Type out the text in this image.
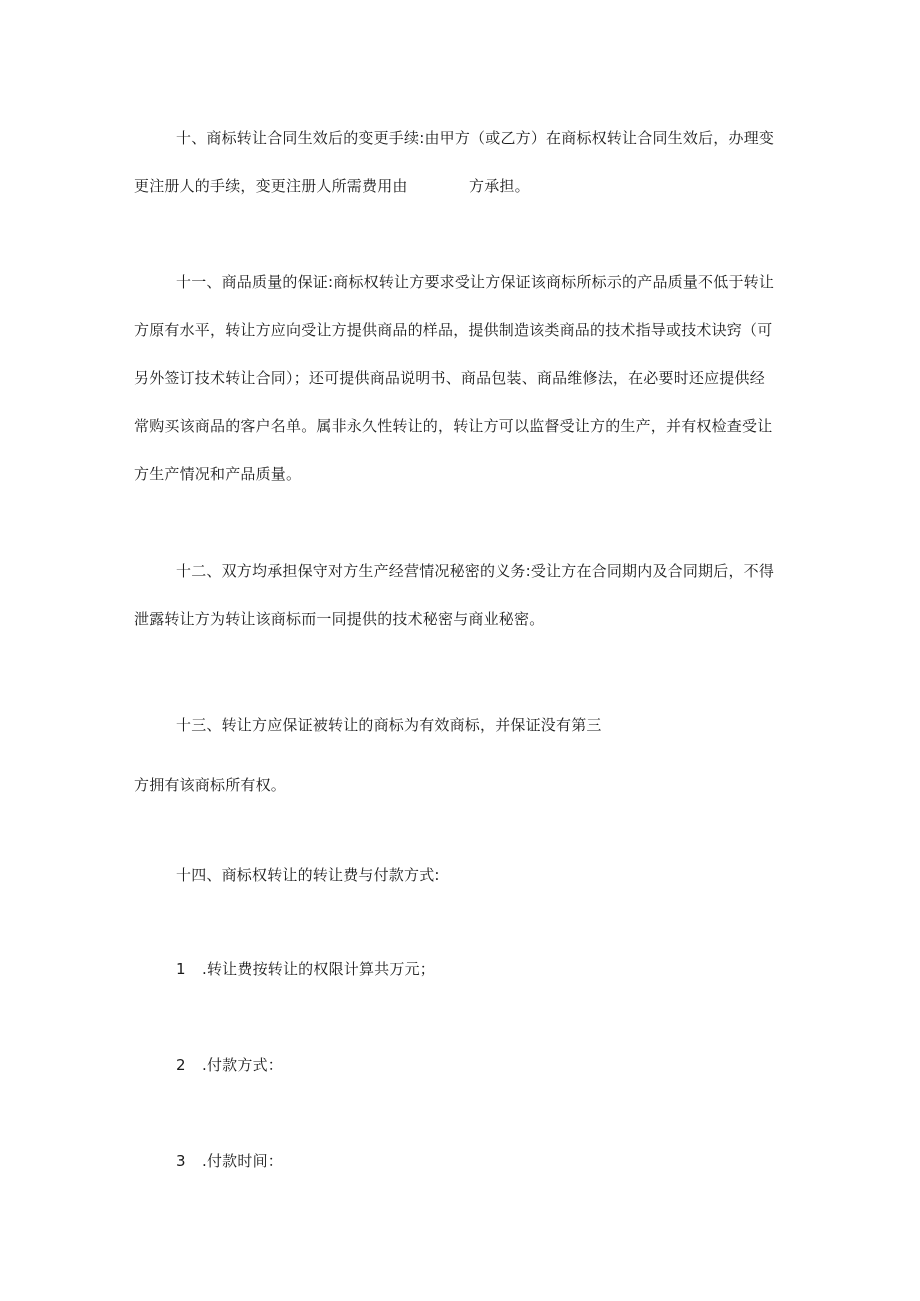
十、商标转让合同生效后的变更手续:由甲方（或乙方）在商标权转让合同生效后，办理变
更注册人的手续，变更注册人所需费用由	方承担。
十一、商品质量的保证:商标权转让方要求受让方保证该商标所标示的产品质量不低于转让
方原有水平，转让方应向受让方提供商品的样品，提供制造该类商品的技术指导或技术诀窍（可
另外签订技术转让合同）；还可提供商品说明书、商品包装、商品维修法，在必要时还应提供经
常购买该商品的客户名单。属非永久性转让的，转让方可以监督受让方的生产，并有权检查受让
方生产情况和产品质量。
十二、双方均承担保守对方生产经营情况秘密的义务:受让方在合同期内及合同期后，不得
泄露转让方为转让该商标而一同提供的技术秘密与商业秘密。
十三、转让方应保证被转让的商标为有效商标，并保证没有第三
方拥有该商标所有权。
十四、商标权转让的转让费与付款方式:
1 .转让费按转让的权限计算共万元；
2 .付款方式：
3 .付款时间：
